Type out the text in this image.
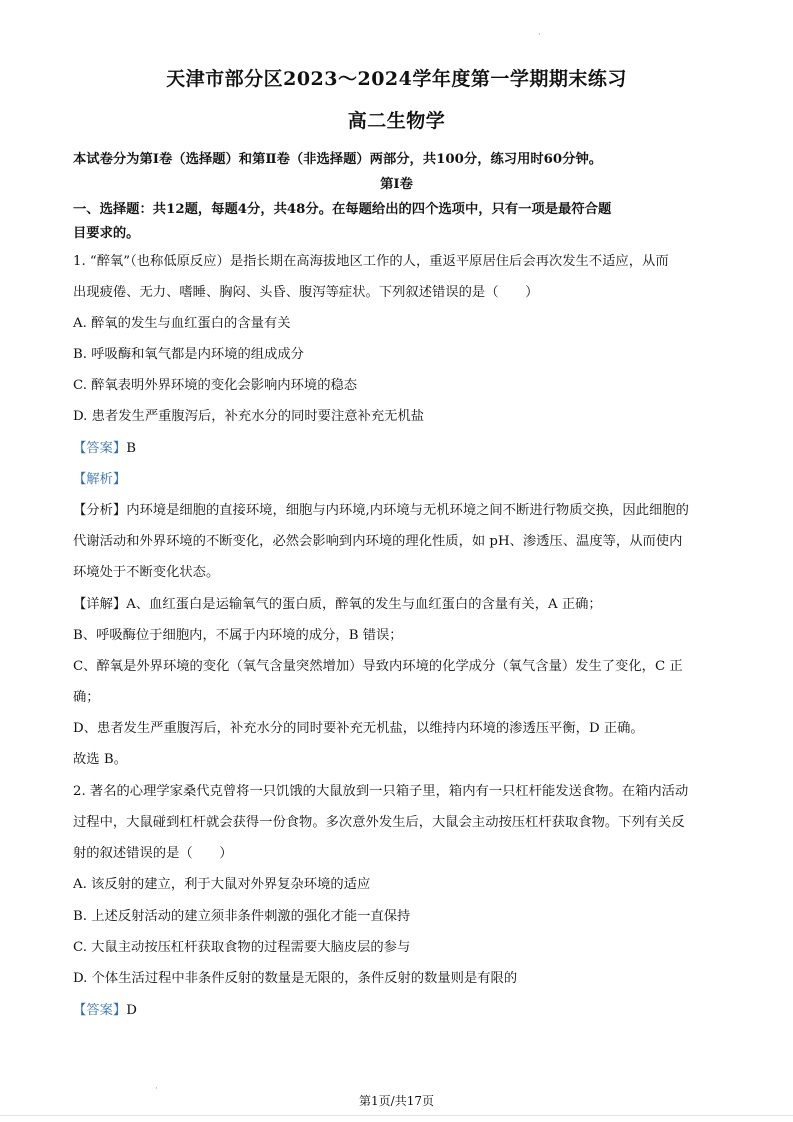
·
天津市部分区2023～2024学年度第一学期期末练习
高二生物学
本试卷分为第I卷（选择题）和第Ⅱ卷（非选择题）两部分，共100分，练习用时60分钟。
第I卷
一、选择题：共12题，每题4分，共48分。在每题给出的四个选项中，只有一项是最符合题
目要求的。
1. “醉氧”（也称低原反应）是指长期在高海拔地区工作的人，重返平原居住后会再次发生不适应，从而
出现疲倦、无力、嗜睡、胸闷、头昏、腹泻等症状。下列叙述错误的是（　　）
A. 醉氧的发生与血红蛋白的含量有关
B. 呼吸酶和氧气都是内环境的组成成分
C. 醉氧表明外界环境的变化会影响内环境的稳态
D. 患者发生严重腹泻后，补充水分的同时要注意补充无机盐
【答案】B
【解析】
【分析】内环境是细胞的直接环境，细胞与内环境,内环境与无机环境之间不断进行物质交换，因此细胞的
代谢活动和外界环境的不断变化，必然会影响到内环境的理化性质，如 pH、渗透压、温度等，从而使内
环境处于不断变化状态。
【详解】A、血红蛋白是运输氧气的蛋白质，醉氧的发生与血红蛋白的含量有关，A 正确；
B、呼吸酶位于细胞内，不属于内环境的成分，B 错误；
C、醉氧是外界环境的变化（氧气含量突然增加）导致内环境的化学成分（氧气含量）发生了变化，C 正
确；
D、患者发生严重腹泻后，补充水分的同时要补充无机盐，以维持内环境的渗透压平衡，D 正确。
故选 B。
2. 著名的心理学家桑代克曾将一只饥饿的大鼠放到一只箱子里，箱内有一只杠杆能发送食物。在箱内活动
过程中，大鼠碰到杠杆就会获得一份食物。多次意外发生后，大鼠会主动按压杠杆获取食物。下列有关反
射的叙述错误的是（　　）
A. 该反射的建立，利于大鼠对外界复杂环境的适应
B. 上述反射活动的建立须非条件刺激的强化才能一直保持
C. 大鼠主动按压杠杆获取食物的过程需要大脑皮层的参与
D. 个体生活过程中非条件反射的数量是无限的，条件反射的数量则是有限的
【答案】D
·
第1页/共17页
